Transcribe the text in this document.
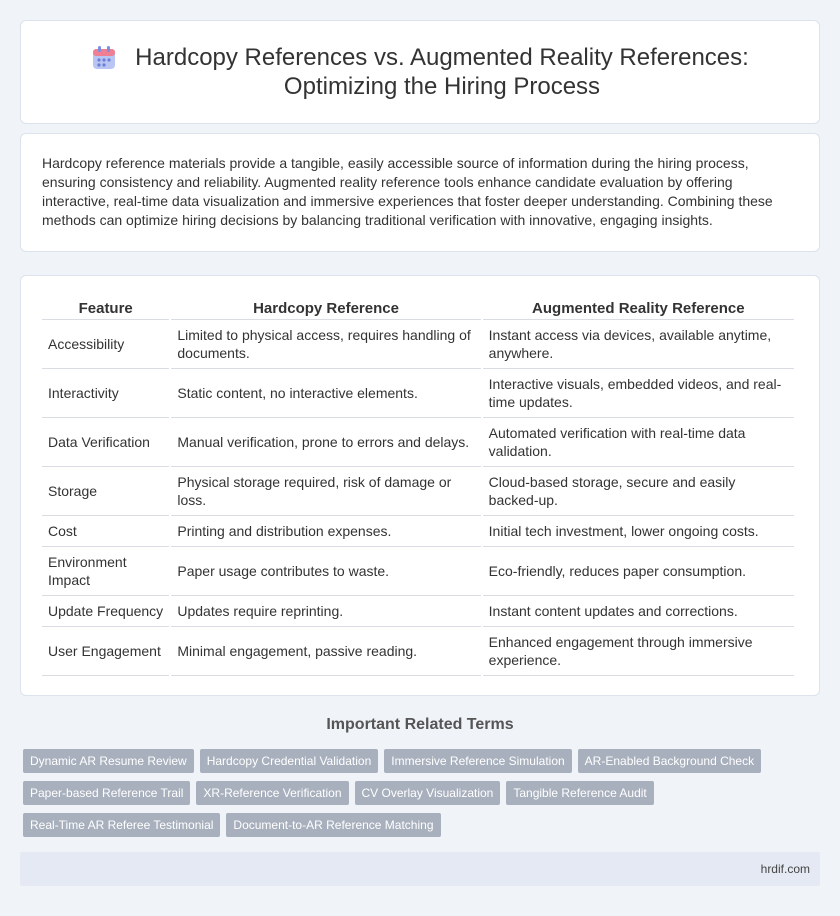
Hardcopy References vs. Augmented Reality References:
Optimizing the Hiring Process

Hardcopy reference materials provide a tangible, easily accessible source of information during the hiring process, ensuring consistency and reliability. Augmented reality reference tools enhance candidate evaluation by offering interactive, real-time data visualization and immersive experiences that foster deeper understanding. Combining these methods can optimize hiring decisions by balancing traditional verification with innovative, engaging insights.

Feature	Hardcopy Reference	Augmented Reality Reference
Accessibility	Limited to physical access, requires handling of documents.	Instant access via devices, available anytime, anywhere.
Interactivity	Static content, no interactive elements.	Interactive visuals, embedded videos, and real-time updates.
Data Verification	Manual verification, prone to errors and delays.	Automated verification with real-time data validation.
Storage	Physical storage required, risk of damage or loss.	Cloud-based storage, secure and easily backed-up.
Cost	Printing and distribution expenses.	Initial tech investment, lower ongoing costs.
Environment Impact	Paper usage contributes to waste.	Eco-friendly, reduces paper consumption.
Update Frequency	Updates require reprinting.	Instant content updates and corrections.
User Engagement	Minimal engagement, passive reading.	Enhanced engagement through immersive experience.
Important Related Terms
Dynamic AR Resume Review	Hardcopy Credential Validation	Immersive Reference Simulation	AR-Enabled Background Check
Paper-based Reference Trail	XR-Reference Verification	CV Overlay Visualization	Tangible Reference Audit
Real-Time AR Referee Testimonial	Document-to-AR Reference Matching
hrdif.com
